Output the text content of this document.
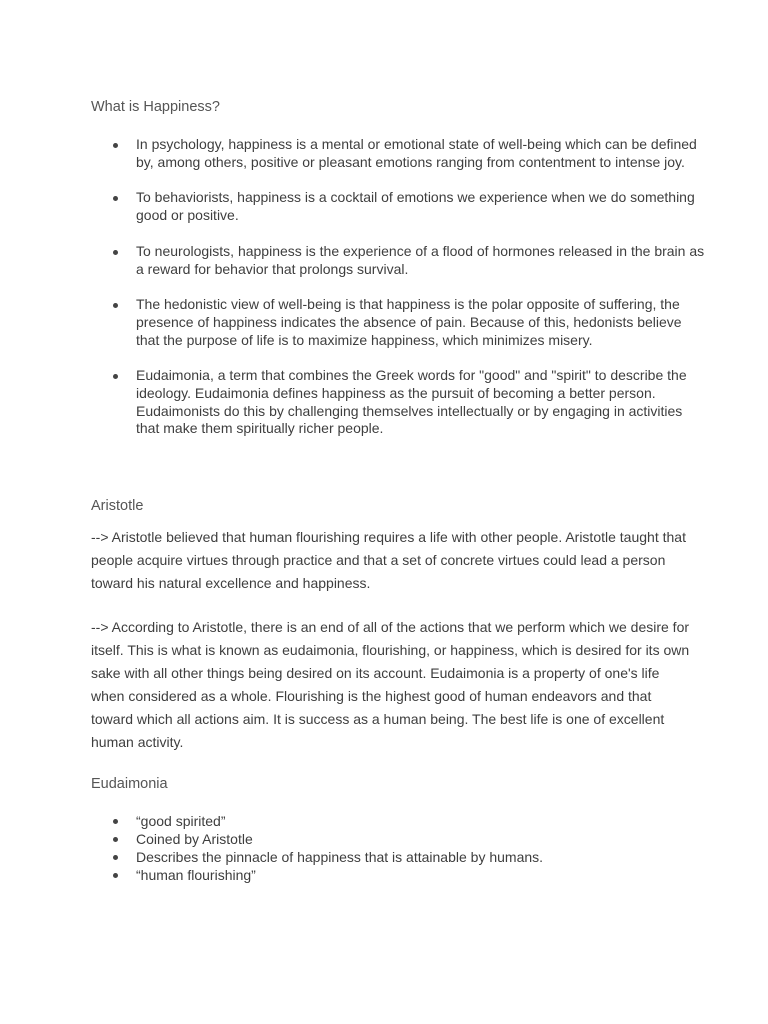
What is Happiness?
In psychology, happiness is a mental or emotional state of well-being which can be defined by, among others, positive or pleasant emotions ranging from contentment to intense joy.
To behaviorists, happiness is a cocktail of emotions we experience when we do something good or positive.
To neurologists, happiness is the experience of a flood of hormones released in the brain as a reward for behavior that prolongs survival.
The hedonistic view of well-being is that happiness is the polar opposite of suffering, the presence of happiness indicates the absence of pain. Because of this, hedonists believe that the purpose of life is to maximize happiness, which minimizes misery.
Eudaimonia, a term that combines the Greek words for "good" and "spirit" to describe the ideology. Eudaimonia defines happiness as the pursuit of becoming a better person. Eudaimonists do this by challenging themselves intellectually or by engaging in activities that make them spiritually richer people.
Aristotle

--> Aristotle believed that human flourishing requires a life with other people. Aristotle taught that people acquire virtues through practice and that a set of concrete virtues could lead a person toward his natural excellence and happiness.

--> According to Aristotle, there is an end of all of the actions that we perform which we desire for itself. This is what is known as eudaimonia, flourishing, or happiness, which is desired for its own sake with all other things being desired on its account. Eudaimonia is a property of one's life when considered as a whole. Flourishing is the highest good of human endeavors and that toward which all actions aim. It is success as a human being. The best life is one of excellent human activity.

Eudaimonia
“good spirited”
Coined by Aristotle
Describes the pinnacle of happiness that is attainable by humans.
“human flourishing”
